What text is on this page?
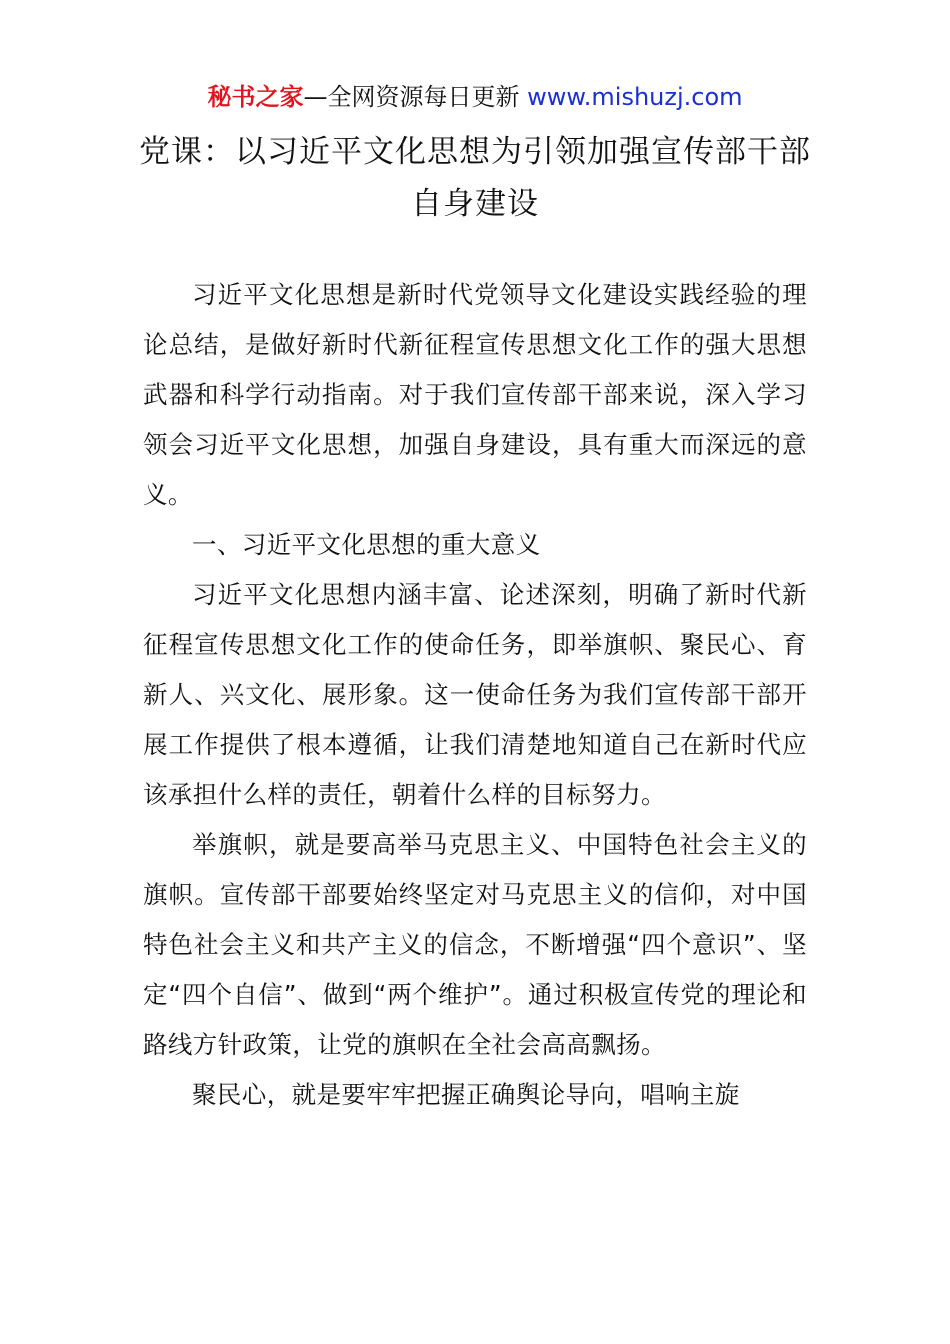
秘书之家—全网资源每日更新 www.mishuzj.com
党课：以习近平文化思想为引领加强宣传部干部自身建设

习近平文化思想是新时代党领导文化建设实践经验的理论总结，是做好新时代新征程宣传思想文化工作的强大思想武器和科学行动指南。对于我们宣传部干部来说，深入学习领会习近平文化思想，加强自身建设，具有重大而深远的意义。

一、习近平文化思想的重大意义

习近平文化思想内涵丰富、论述深刻，明确了新时代新征程宣传思想文化工作的使命任务，即举旗帜、聚民心、育新人、兴文化、展形象。这一使命任务为我们宣传部干部开展工作提供了根本遵循，让我们清楚地知道自己在新时代应该承担什么样的责任，朝着什么样的目标努力。

举旗帜，就是要高举马克思主义、中国特色社会主义的旗帜。宣传部干部要始终坚定对马克思主义的信仰，对中国特色社会主义和共产主义的信念，不断增强“四个意识”、坚定“四个自信”、做到“两个维护”。通过积极宣传党的理论和路线方针政策，让党的旗帜在全社会高高飘扬。

聚民心，就是要牢牢把握正确舆论导向，唱响主旋
